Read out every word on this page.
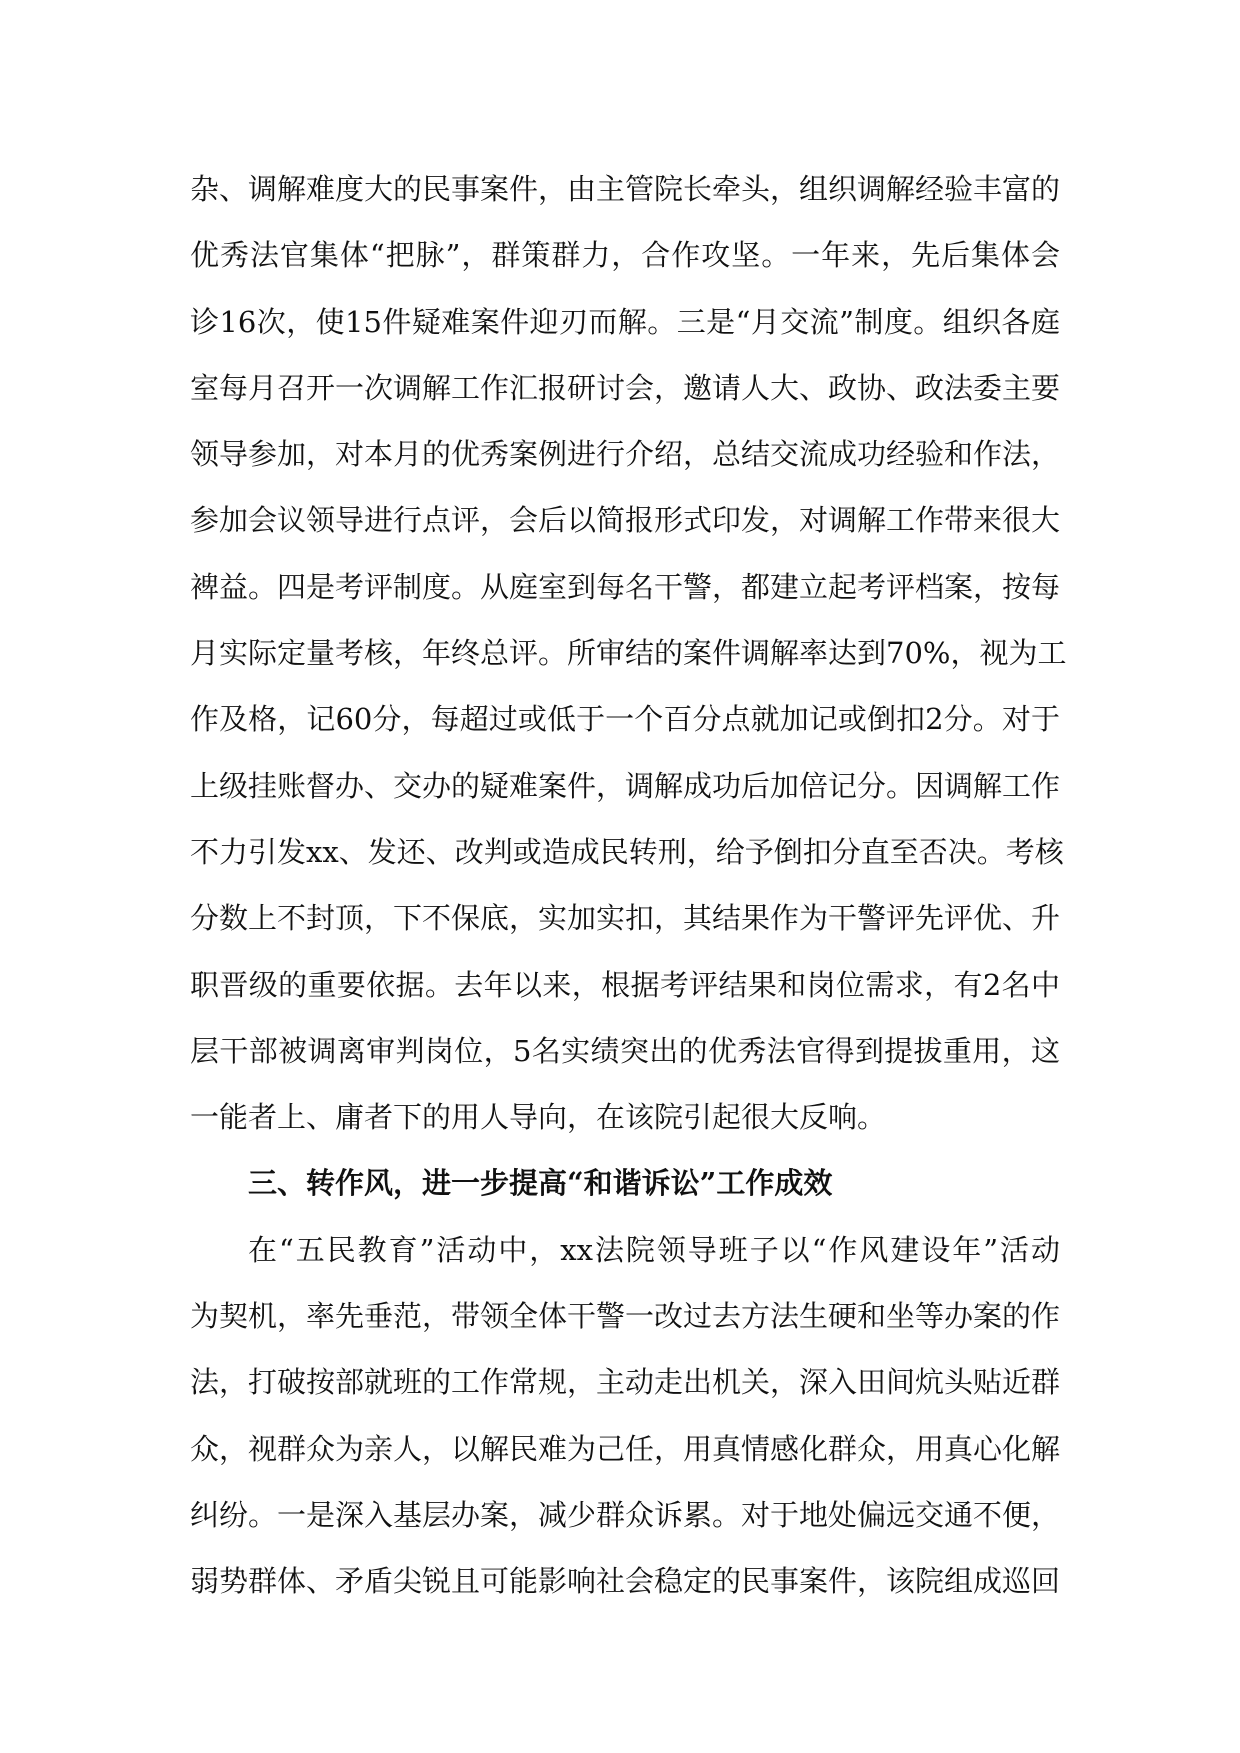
杂、调解难度大的民事案件，由主管院长牵头，组织调解经验丰富的
优秀法官集体“把脉”，群策群力，合作攻坚。一年来，先后集体会
诊16次，使15件疑难案件迎刃而解。三是“月交流”制度。组织各庭
室每月召开一次调解工作汇报研讨会，邀请人大、政协、政法委主要
领导参加，对本月的优秀案例进行介绍，总结交流成功经验和作法，
参加会议领导进行点评，会后以简报形式印发，对调解工作带来很大
裨益。四是考评制度。从庭室到每名干警，都建立起考评档案，按每
月实际定量考核，年终总评。所审结的案件调解率达到70%，视为工
作及格，记60分，每超过或低于一个百分点就加记或倒扣2分。对于
上级挂账督办、交办的疑难案件，调解成功后加倍记分。因调解工作
不力引发xx、发还、改判或造成民转刑，给予倒扣分直至否决。考核
分数上不封顶，下不保底，实加实扣，其结果作为干警评先评优、升
职晋级的重要依据。去年以来，根据考评结果和岗位需求，有2名中
层干部被调离审判岗位，5名实绩突出的优秀法官得到提拔重用，这
一能者上、庸者下的用人导向，在该院引起很大反响。
三、转作风，进一步提高“和谐诉讼”工作成效
在“五民教育”活动中，xx法院领导班子以“作风建设年”活动
为契机，率先垂范，带领全体干警一改过去方法生硬和坐等办案的作
法，打破按部就班的工作常规，主动走出机关，深入田间炕头贴近群
众，视群众为亲人，以解民难为己任，用真情感化群众，用真心化解
纠纷。一是深入基层办案，减少群众诉累。对于地处偏远交通不便，
弱势群体、矛盾尖锐且可能影响社会稳定的民事案件，该院组成巡回
